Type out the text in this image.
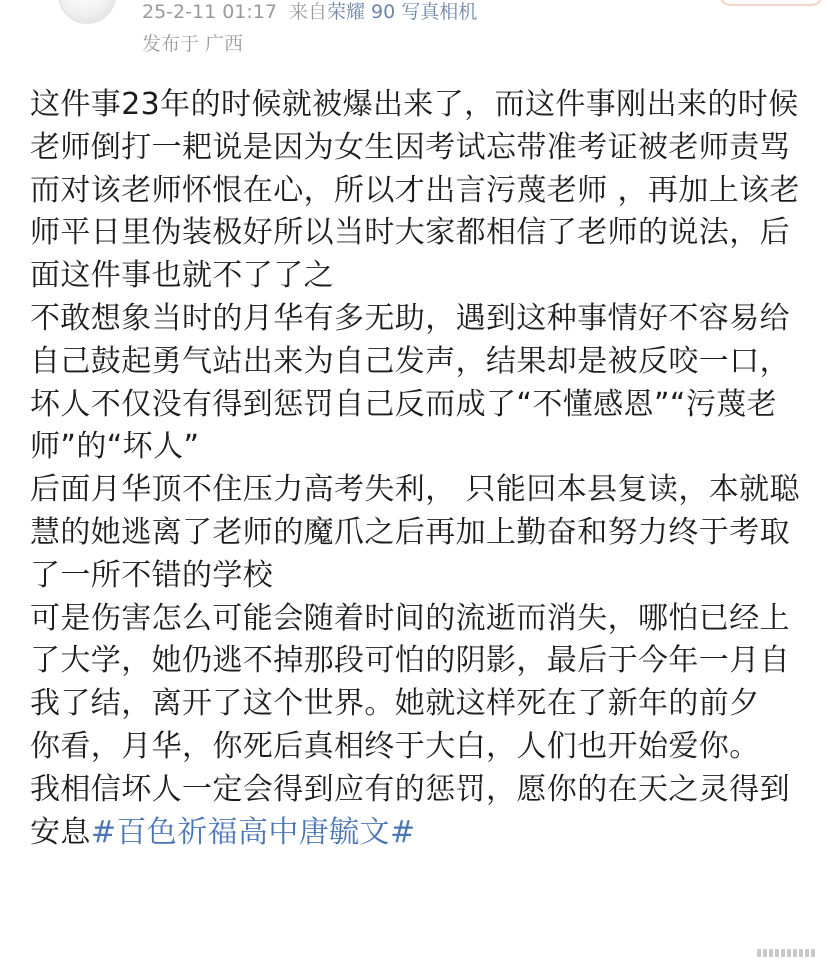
25-2-11 01:17 来自荣耀 90 写真相机
发布于 广西

这件事23年的时候就被爆出来了，而这件事刚出来的时候老师倒打一耙说是因为女生因考试忘带准考证被老师责骂而对该老师怀恨在心，所以才出言污蔑老师 ，再加上该老师平日里伪装极好所以当时大家都相信了老师的说法，后面这件事也就不了了之

不敢想象当时的月华有多无助，遇到这种事情好不容易给自己鼓起勇气站出来为自己发声，结果却是被反咬一口，坏人不仅没有得到惩罚自己反而成了“不懂感恩”“污蔑老师”的“坏人”

后面月华顶不住压力高考失利， 只能回本县复读，本就聪慧的她逃离了老师的魔爪之后再加上勤奋和努力终于考取了一所不错的学校

可是伤害怎么可能会随着时间的流逝而消失，哪怕已经上了大学，她仍逃不掉那段可怕的阴影，最后于今年一月自我了结，离开了这个世界。她就这样死在了新年的前夕

你看，月华，你死后真相终于大白，人们也开始爱你。

我相信坏人一定会得到应有的惩罚，愿你的在天之灵得到安息#百色祈福高中唐毓文#
